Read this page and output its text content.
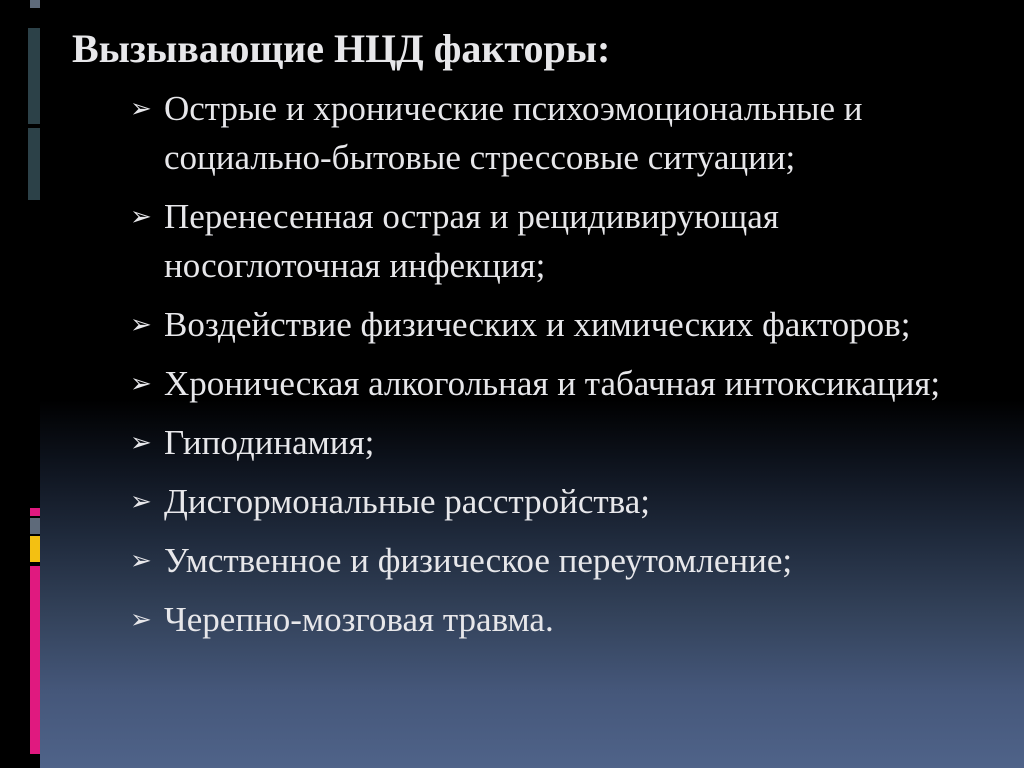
Вызывающие НЦД факторы:
➢ Острые и хронические психоэмоциональные и социально-бытовые стрессовые ситуации;
➢ Перенесенная острая и рецидивирующая носоглоточная инфекция;
➢ Воздействие физических и химических факторов;
➢ Хроническая алкогольная и табачная интоксикация;
➢ Гиподинамия;
➢ Дисгормональные расстройства;
➢ Умственное и физическое переутомление;
➢ Черепно-мозговая травма.
